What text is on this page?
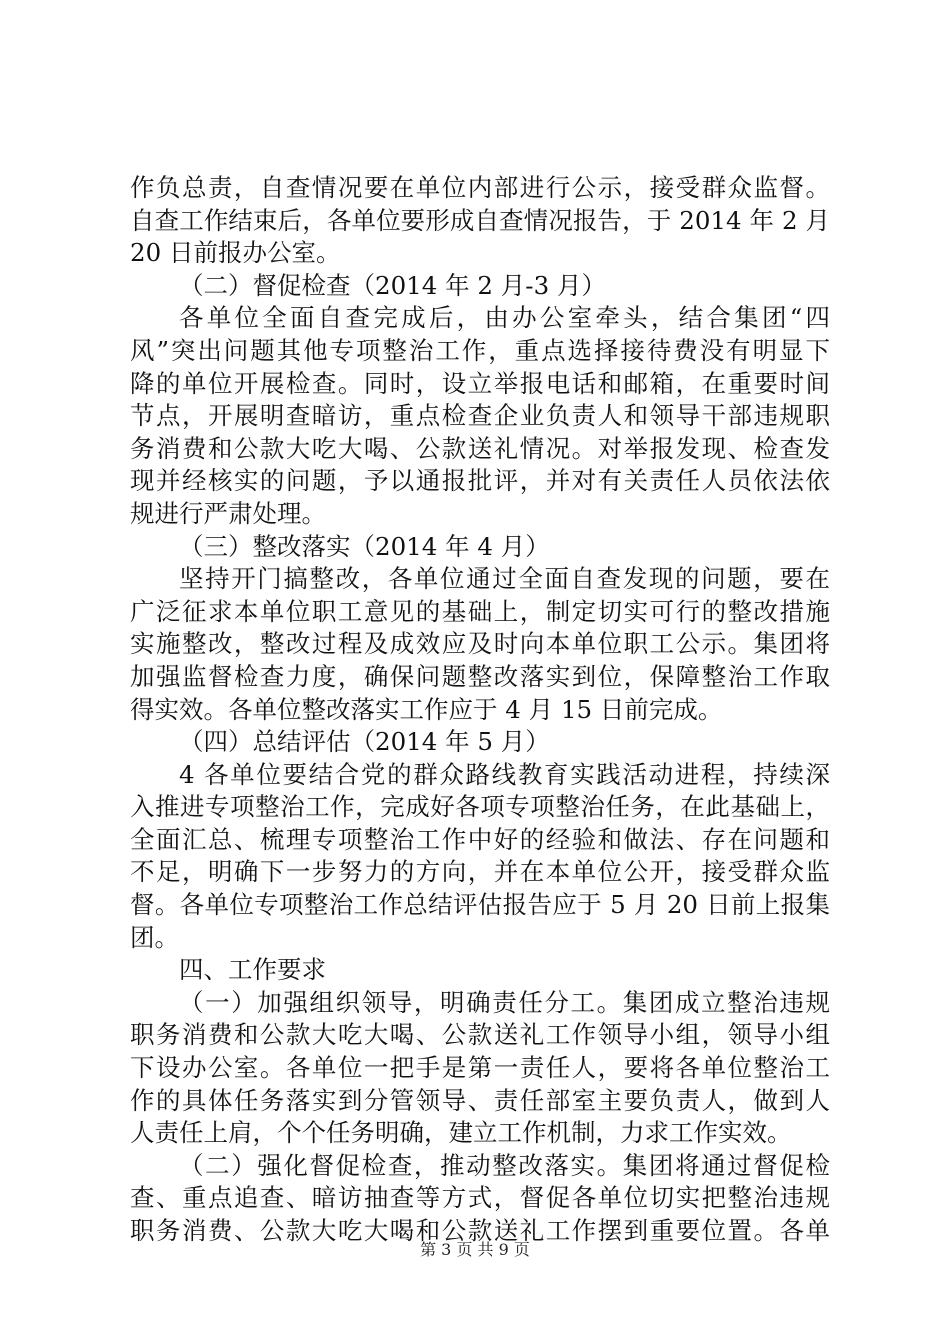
作负总责，自查情况要在单位内部进行公示，接受群众监督。
自查工作结束后，各单位要形成自查情况报告，于 2014 年 2 月
20 日前报办公室。
（二）督促检查（2014 年 2 月-3 月）
各单位全面自查完成后，由办公室牵头，结合集团“四
风”突出问题其他专项整治工作，重点选择接待费没有明显下
降的单位开展检查。同时，设立举报电话和邮箱，在重要时间
节点，开展明查暗访，重点检查企业负责人和领导干部违规职
务消费和公款大吃大喝、公款送礼情况。对举报发现、检查发
现并经核实的问题，予以通报批评，并对有关责任人员依法依
规进行严肃处理。
（三）整改落实（2014 年 4 月）
坚持开门搞整改，各单位通过全面自查发现的问题，要在
广泛征求本单位职工意见的基础上，制定切实可行的整改措施
实施整改，整改过程及成效应及时向本单位职工公示。集团将
加强监督检查力度，确保问题整改落实到位，保障整治工作取
得实效。各单位整改落实工作应于 4 月 15 日前完成。
（四）总结评估（2014 年 5 月）
4 各单位要结合党的群众路线教育实践活动进程，持续深
入推进专项整治工作，完成好各项专项整治任务，在此基础上，
全面汇总、梳理专项整治工作中好的经验和做法、存在问题和
不足，明确下一步努力的方向，并在本单位公开，接受群众监
督。各单位专项整治工作总结评估报告应于 5 月 20 日前上报集
团。
四、工作要求
（一）加强组织领导，明确责任分工。集团成立整治违规
职务消费和公款大吃大喝、公款送礼工作领导小组，领导小组
下设办公室。各单位一把手是第一责任人，要将各单位整治工
作的具体任务落实到分管领导、责任部室主要负责人，做到人
人责任上肩，个个任务明确，建立工作机制，力求工作实效。
（二）强化督促检查，推动整改落实。集团将通过督促检
查、重点追查、暗访抽查等方式，督促各单位切实把整治违规
职务消费、公款大吃大喝和公款送礼工作摆到重要位置。各单
第 3 页 共 9 页
